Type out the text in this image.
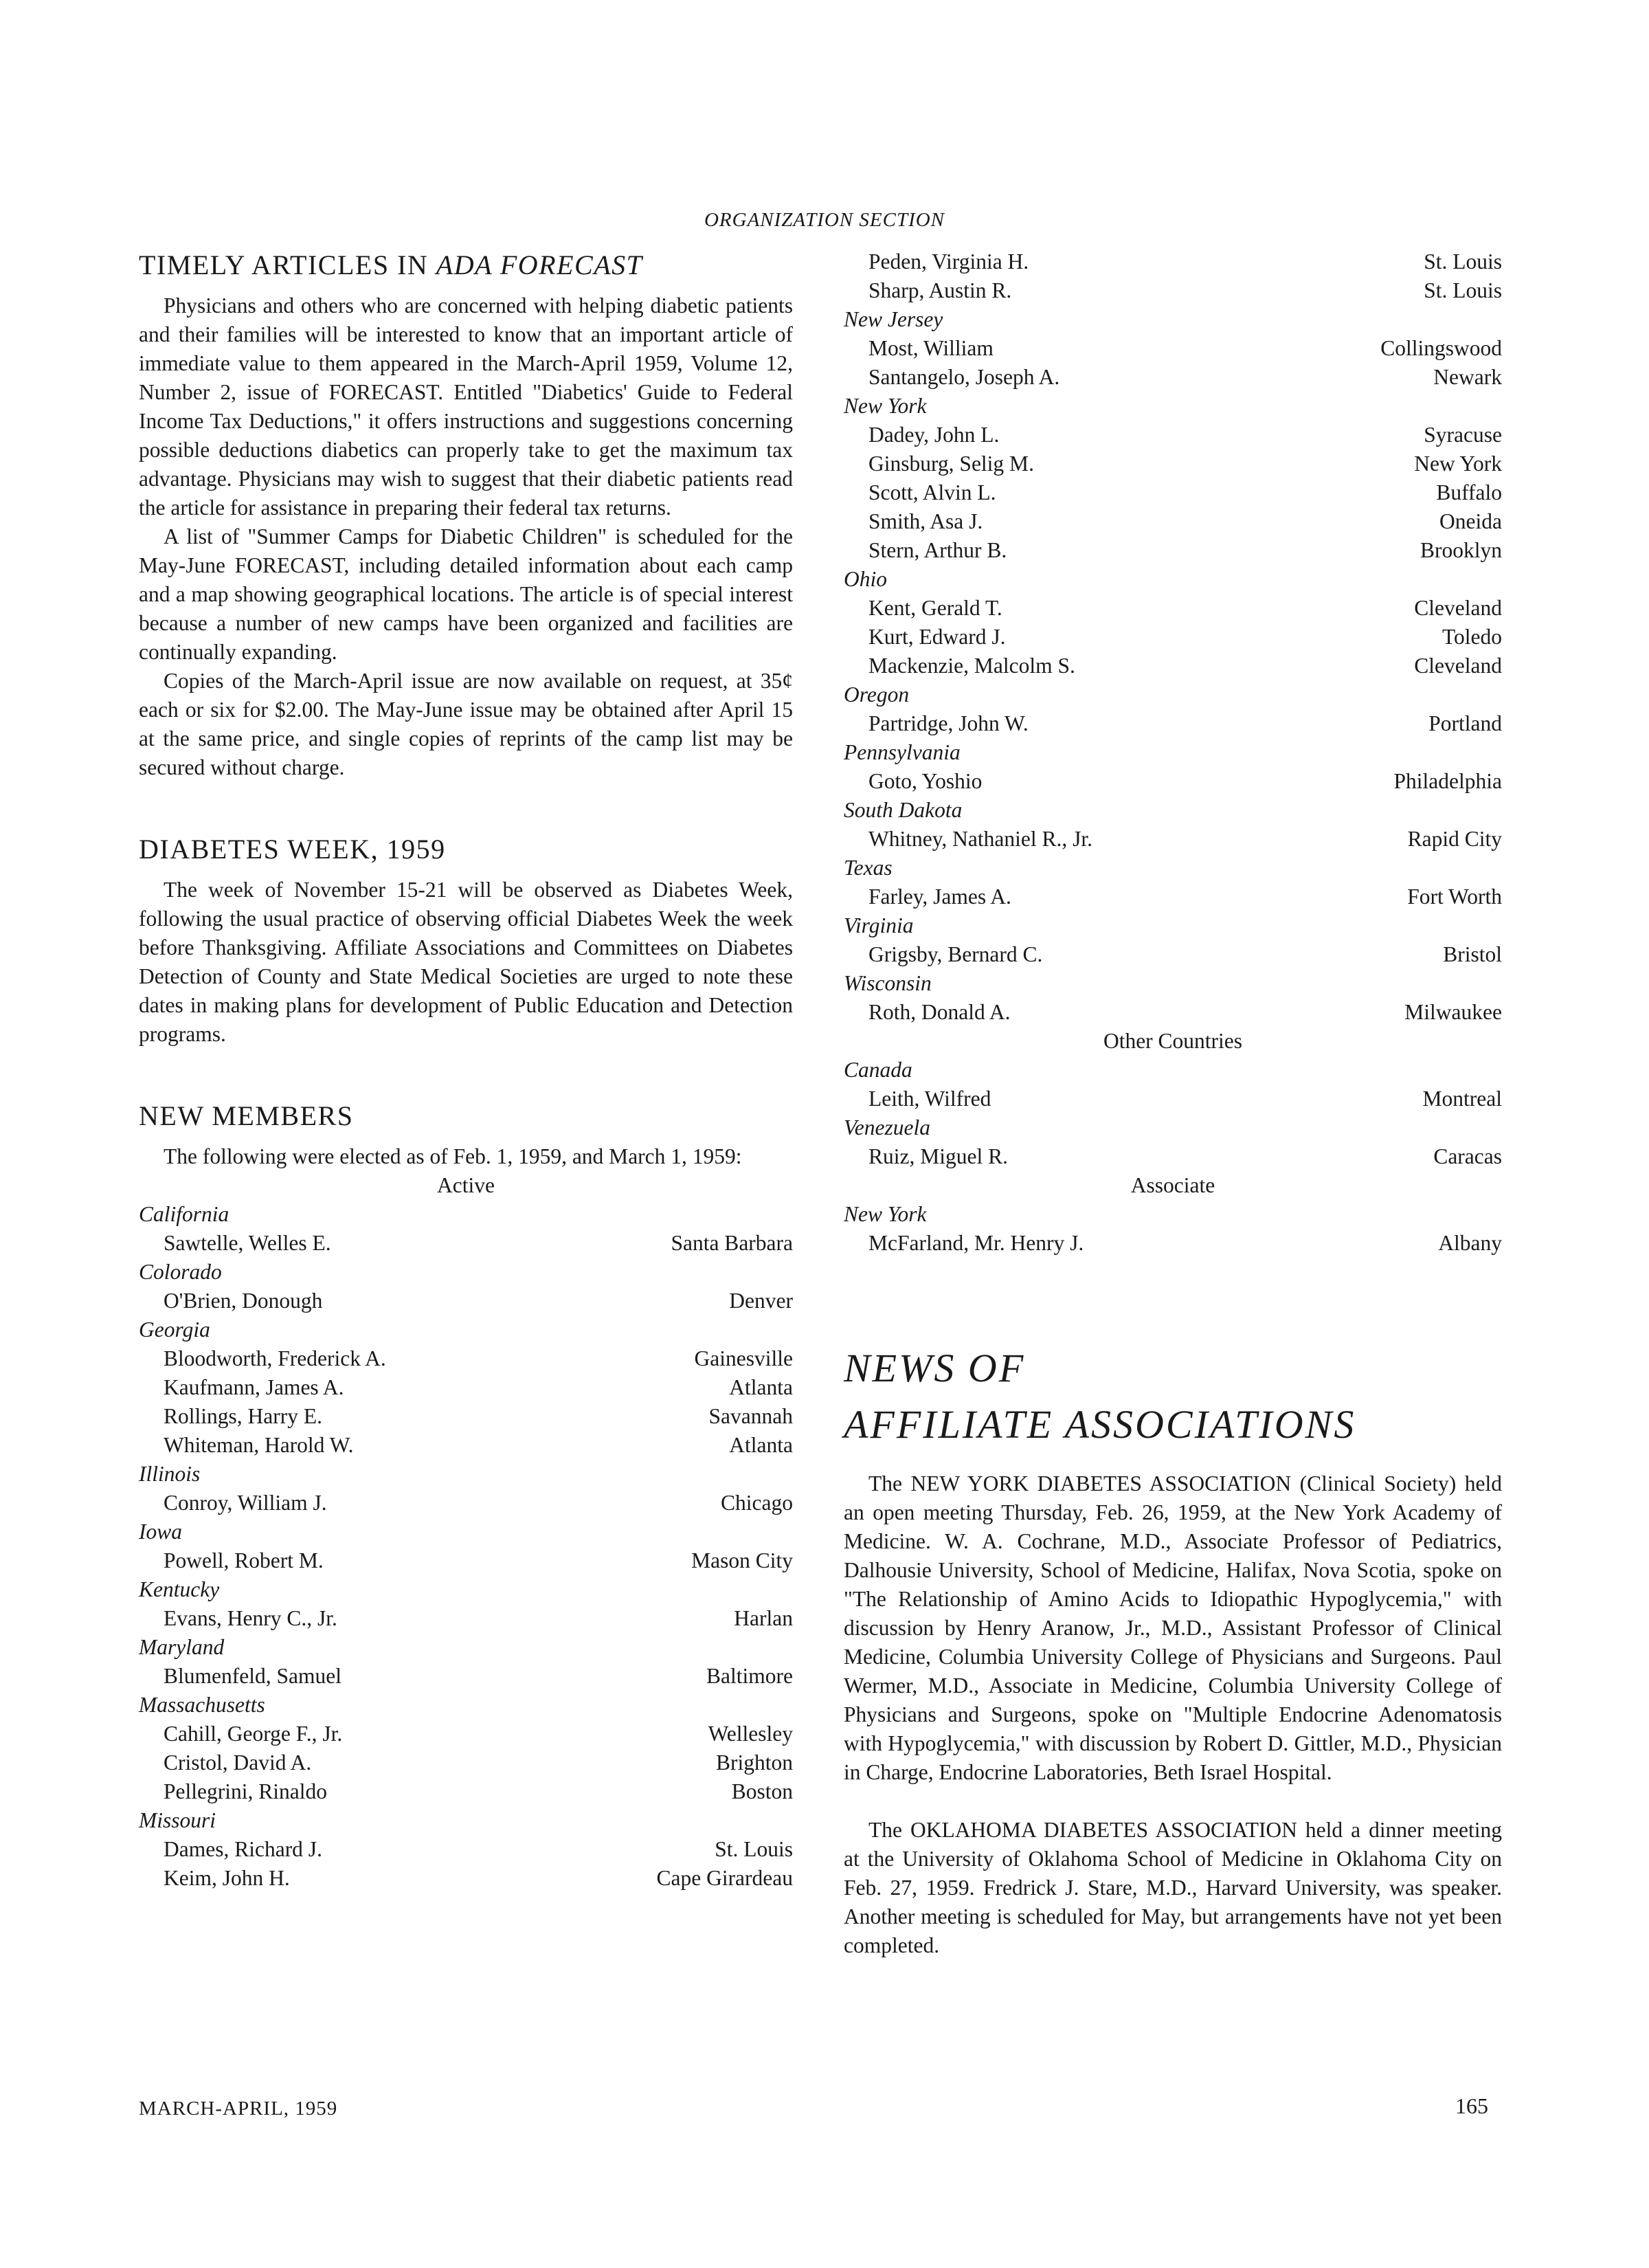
ORGANIZATION SECTION
TIMELY ARTICLES IN ADA FORECAST

Physicians and others who are concerned with helping diabetic patients and their families will be interested to know that an important article of immediate value to them appeared in the March-April 1959, Volume 12, Number 2, issue of FORECAST. Entitled "Diabetics' Guide to Federal Income Tax Deductions," it offers instructions and suggestions concerning possible deductions diabetics can properly take to get the maximum tax advantage. Physicians may wish to suggest that their diabetic patients read the article for assistance in preparing their federal tax returns.

A list of "Summer Camps for Diabetic Children" is scheduled for the May-June FORECAST, including detailed information about each camp and a map showing geographical locations. The article is of special interest because a number of new camps have been organized and facilities are continually expanding.

Copies of the March-April issue are now available on request, at 35¢ each or six for $2.00. The May-June issue may be obtained after April 15 at the same price, and single copies of reprints of the camp list may be secured without charge.

DIABETES WEEK, 1959

The week of November 15-21 will be observed as Diabetes Week, following the usual practice of observing official Diabetes Week the week before Thanksgiving. Affiliate Associations and Committees on Diabetes Detection of County and State Medical Societies are urged to note these dates in making plans for development of Public Education and Detection programs.

NEW MEMBERS

The following were elected as of Feb. 1, 1959, and March 1, 1959:

Active
California
Sawtelle, Welles E.	Santa Barbara
Colorado
O'Brien, Donough	Denver
Georgia
Bloodworth, Frederick A.	Gainesville
Kaufmann, James A.	Atlanta
Rollings, Harry E.	Savannah
Whiteman, Harold W.	Atlanta
Illinois
Conroy, William J.	Chicago
Iowa
Powell, Robert M.	Mason City
Kentucky
Evans, Henry C., Jr.	Harlan
Maryland
Blumenfeld, Samuel	Baltimore
Massachusetts
Cahill, George F., Jr.	Wellesley
Cristol, David A.	Brighton
Pellegrini, Rinaldo	Boston
Missouri
Dames, Richard J.	St. Louis
Keim, John H.	Cape Girardeau
Peden, Virginia H.	St. Louis
Sharp, Austin R.	St. Louis
New Jersey
Most, William	Collingswood
Santangelo, Joseph A.	Newark
New York
Dadey, John L.	Syracuse
Ginsburg, Selig M.	New York
Scott, Alvin L.	Buffalo
Smith, Asa J.	Oneida
Stern, Arthur B.	Brooklyn
Ohio
Kent, Gerald T.	Cleveland
Kurt, Edward J.	Toledo
Mackenzie, Malcolm S.	Cleveland
Oregon
Partridge, John W.	Portland
Pennsylvania
Goto, Yoshio	Philadelphia
South Dakota
Whitney, Nathaniel R., Jr.	Rapid City
Texas
Farley, James A.	Fort Worth
Virginia
Grigsby, Bernard C.	Bristol
Wisconsin
Roth, Donald A.	Milwaukee
Other Countries
Canada
Leith, Wilfred	Montreal
Venezuela
Ruiz, Miguel R.	Caracas
Associate
New York
McFarland, Mr. Henry J.	Albany
NEWS OF
AFFILIATE ASSOCIATIONS

The NEW YORK DIABETES ASSOCIATION (Clinical Society) held an open meeting Thursday, Feb. 26, 1959, at the New York Academy of Medicine. W. A. Cochrane, M.D., Associate Professor of Pediatrics, Dalhousie University, School of Medicine, Halifax, Nova Scotia, spoke on "The Relationship of Amino Acids to Idiopathic Hypoglycemia," with discussion by Henry Aranow, Jr., M.D., Assistant Professor of Clinical Medicine, Columbia University College of Physicians and Surgeons. Paul Wermer, M.D., Associate in Medicine, Columbia University College of Physicians and Surgeons, spoke on "Multiple Endocrine Adenomatosis with Hypoglycemia," with discussion by Robert D. Gittler, M.D., Physician in Charge, Endocrine Laboratories, Beth Israel Hospital.

The OKLAHOMA DIABETES ASSOCIATION held a dinner meeting at the University of Oklahoma School of Medicine in Oklahoma City on Feb. 27, 1959. Fredrick J. Stare, M.D., Harvard University, was speaker. Another meeting is scheduled for May, but arrangements have not yet been completed.

MARCH-APRIL, 1959	165
